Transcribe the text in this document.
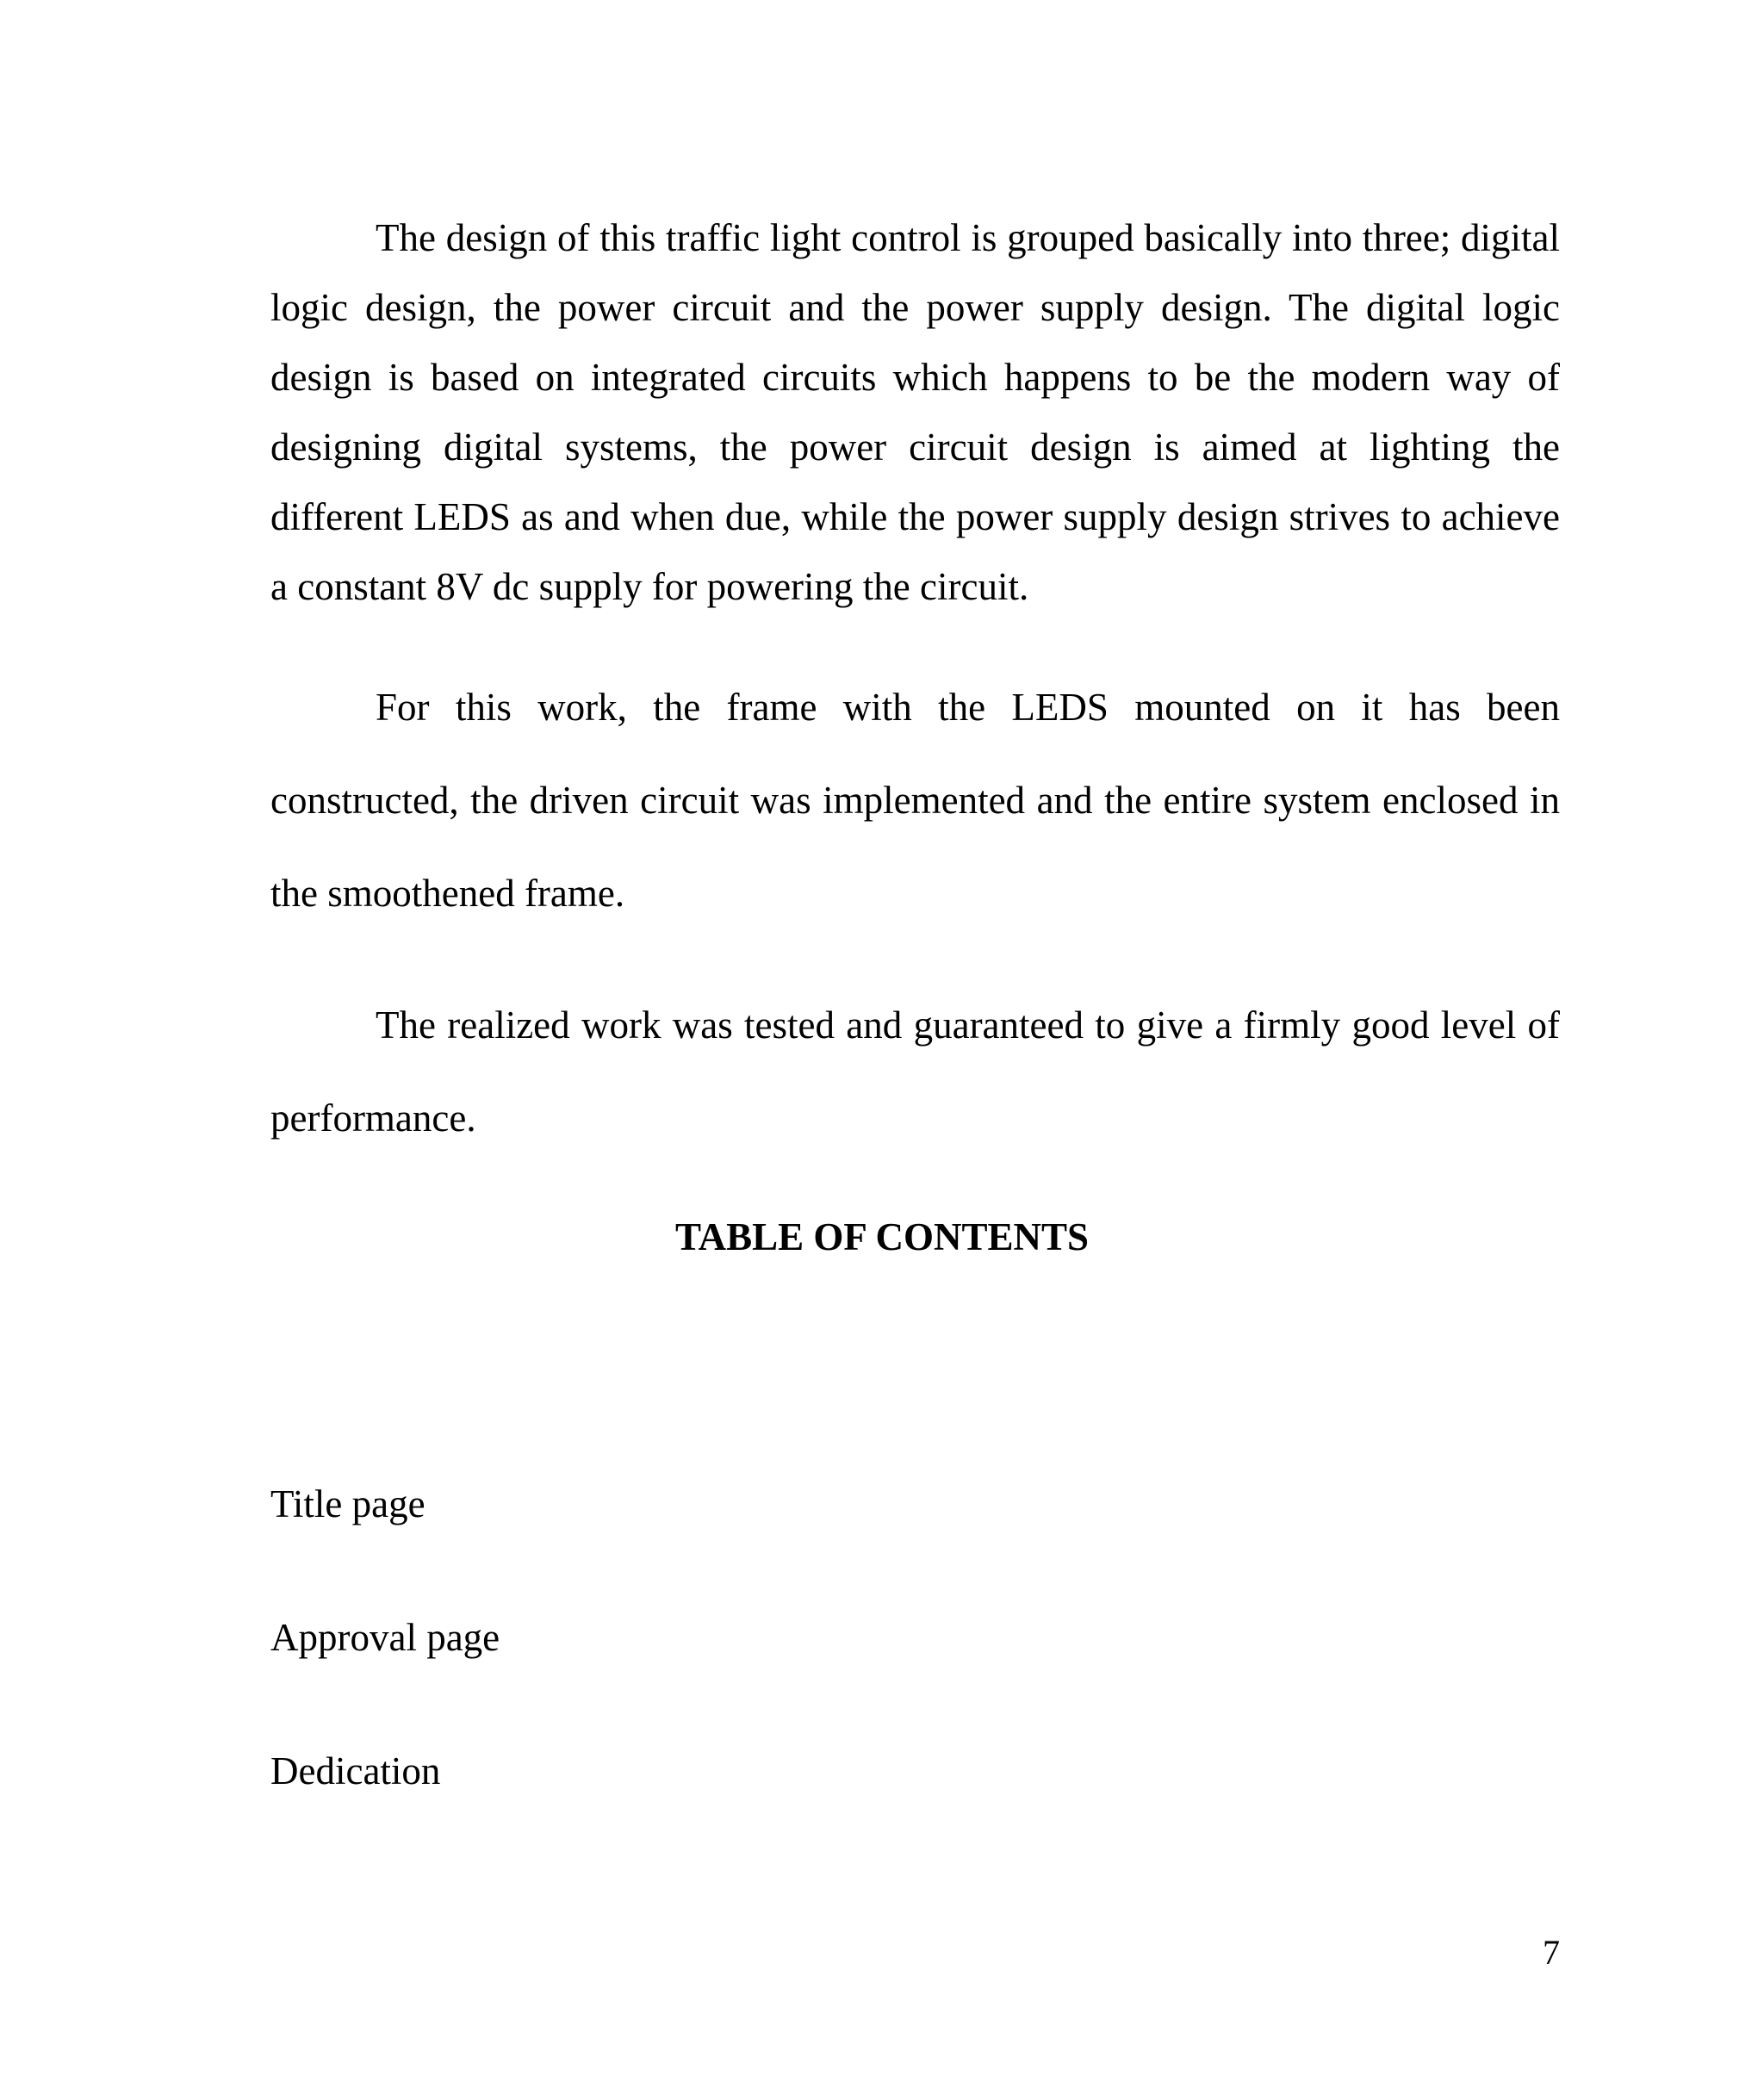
The design of this traffic light control is grouped basically into three; digital logic design, the power circuit and the power supply design. The digital logic design is based on integrated circuits which happens to be the modern way of designing digital systems, the power circuit design is aimed at lighting the different LEDS as and when due, while the power supply design strives to achieve a constant 8V dc supply for powering the circuit.

For this work, the frame with the LEDS mounted on it has been constructed, the driven circuit was implemented and the entire system enclosed in the smoothened frame.

The realized work was tested and guaranteed to give a firmly good level of performance.

TABLE OF CONTENTS

Title page

Approval page

Dedication

7
